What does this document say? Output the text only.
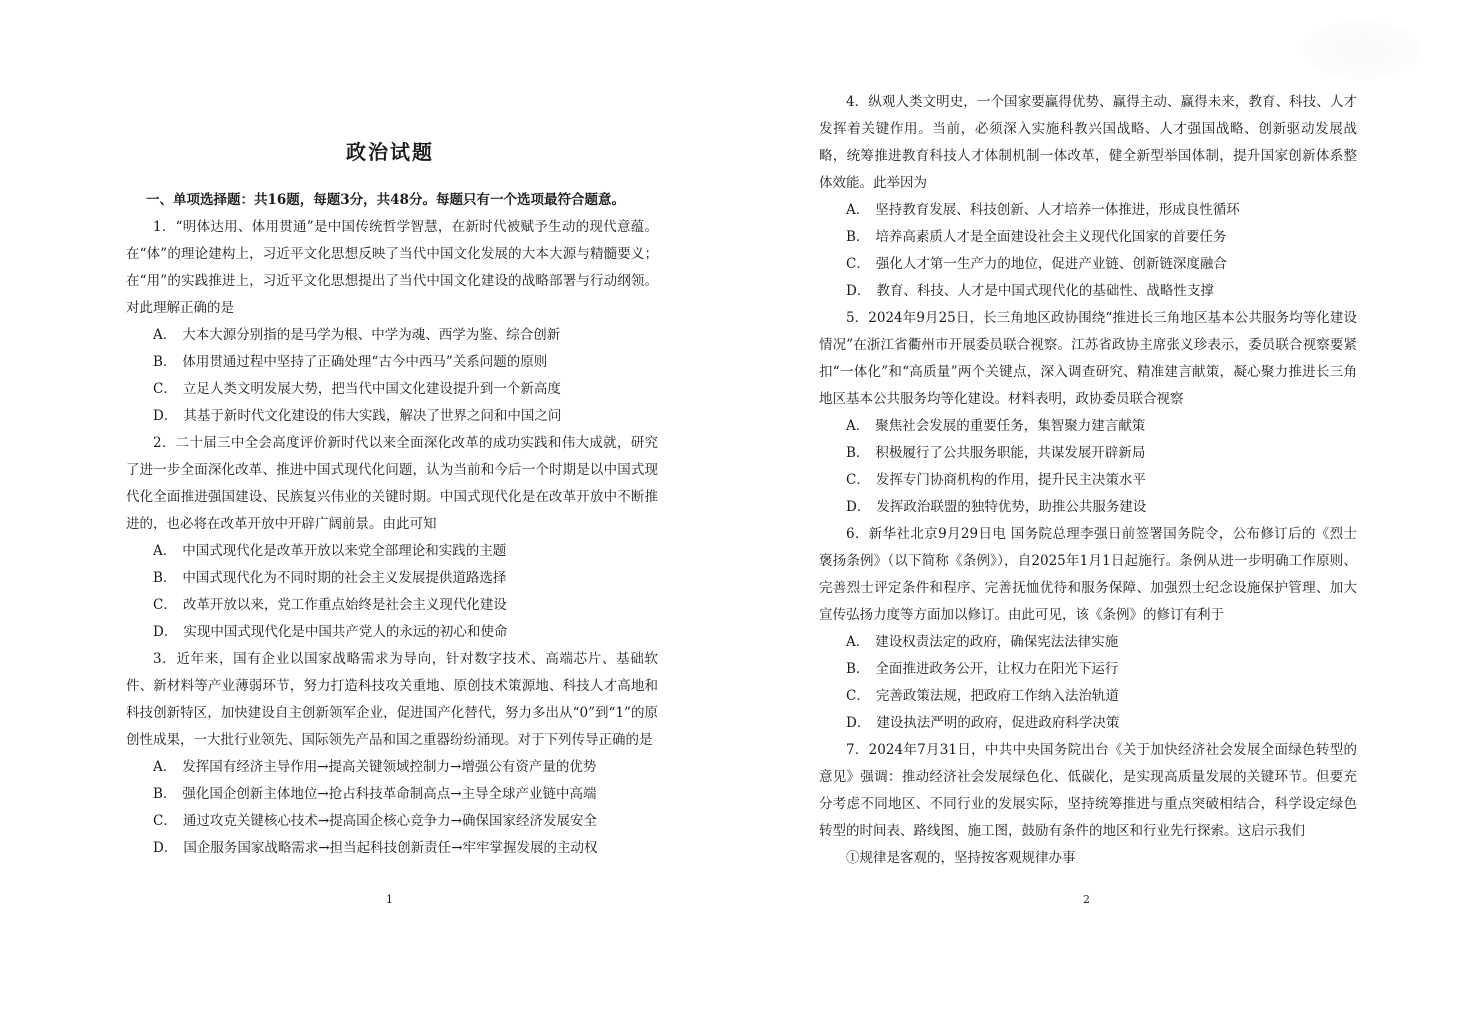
政治试题

一、单项选择题：共16题，每题3分，共48分。每题只有一个选项最符合题意。

1．“明体达用、体用贯通”是中国传统哲学智慧，在新时代被赋予生动的现代意蕴。在“体”的理论建构上，习近平文化思想反映了当代中国文化发展的大本大源与精髓要义；在“用”的实践推进上，习近平文化思想提出了当代中国文化建设的战略部署与行动纲领。对此理解正确的是

A． 大本大源分别指的是马学为根、中学为魂、西学为鉴、综合创新

B． 体用贯通过程中坚持了正确处理“古今中西马”关系问题的原则

C． 立足人类文明发展大势，把当代中国文化建设提升到一个新高度

D． 其基于新时代文化建设的伟大实践，解决了世界之问和中国之问

2．二十届三中全会高度评价新时代以来全面深化改革的成功实践和伟大成就，研究了进一步全面深化改革、推进中国式现代化问题，认为当前和今后一个时期是以中国式现代化全面推进强国建设、民族复兴伟业的关键时期。中国式现代化是在改革开放中不断推进的，也必将在改革开放中开辟广阔前景。由此可知

A． 中国式现代化是改革开放以来党全部理论和实践的主题

B． 中国式现代化为不同时期的社会主义发展提供道路选择

C． 改革开放以来，党工作重点始终是社会主义现代化建设

D． 实现中国式现代化是中国共产党人的永远的初心和使命

3．近年来，国有企业以国家战略需求为导向，针对数字技术、高端芯片、基础软件、新材料等产业薄弱环节，努力打造科技攻关重地、原创技术策源地、科技人才高地和科技创新特区，加快建设自主创新领军企业，促进国产化替代，努力多出从“0”到“1”的原创性成果，一大批行业领先、国际领先产品和国之重器纷纷涌现。对于下列传导正确的是

A． 发挥国有经济主导作用→提高关键领域控制力→增强公有资产量的优势

B． 强化国企创新主体地位→抢占科技革命制高点→主导全球产业链中高端

C． 通过攻克关键核心技术→提高国企核心竞争力→确保国家经济发展安全

D． 国企服务国家战略需求→担当起科技创新责任→牢牢掌握发展的主动权

1

4．纵观人类文明史，一个国家要赢得优势、赢得主动、赢得未来，教育、科技、人才发挥着关键作用。当前，必须深入实施科教兴国战略、人才强国战略、创新驱动发展战略，统筹推进教育科技人才体制机制一体改革，健全新型举国体制，提升国家创新体系整体效能。此举因为

A． 坚持教育发展、科技创新、人才培养一体推进，形成良性循环

B． 培养高素质人才是全面建设社会主义现代化国家的首要任务

C． 强化人才第一生产力的地位，促进产业链、创新链深度融合

D． 教育、科技、人才是中国式现代化的基础性、战略性支撑

5．2024年9月25日，长三角地区政协围绕“推进长三角地区基本公共服务均等化建设情况”在浙江省衢州市开展委员联合视察。江苏省政协主席张义珍表示，委员联合视察要紧扣“一体化”和“高质量”两个关键点，深入调查研究、精准建言献策，凝心聚力推进长三角地区基本公共服务均等化建设。材料表明，政协委员联合视察

A． 聚焦社会发展的重要任务，集智聚力建言献策

B． 积极履行了公共服务职能，共谋发展开辟新局

C． 发挥专门协商机构的作用，提升民主决策水平

D． 发挥政治联盟的独特优势，助推公共服务建设

6．新华社北京9月29日电 国务院总理李强日前签署国务院令，公布修订后的《烈士褒扬条例》（以下简称《条例》），自2025年1月1日起施行。条例从进一步明确工作原则、完善烈士评定条件和程序、完善抚恤优待和服务保障、加强烈士纪念设施保护管理、加大宣传弘扬力度等方面加以修订。由此可见，该《条例》的修订有利于

A． 建设权责法定的政府，确保宪法法律实施

B． 全面推进政务公开，让权力在阳光下运行

C． 完善政策法规，把政府工作纳入法治轨道

D． 建设执法严明的政府，促进政府科学决策

7．2024年7月31日，中共中央国务院出台《关于加快经济社会发展全面绿色转型的意见》强调：推动经济社会发展绿色化、低碳化，是实现高质量发展的关键环节。但要充分考虑不同地区、不同行业的发展实际，坚持统筹推进与重点突破相结合，科学设定绿色转型的时间表、路线图、施工图，鼓励有条件的地区和行业先行探索。这启示我们

①规律是客观的，坚持按客观规律办事

2
